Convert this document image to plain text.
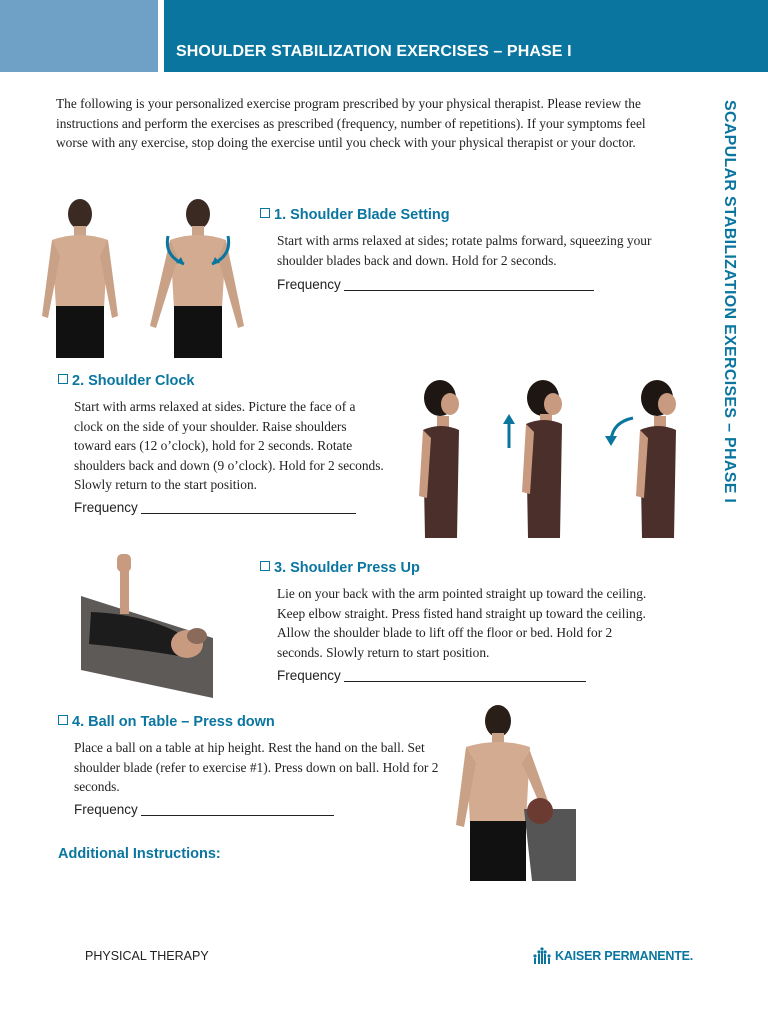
SHOULDER STABILIZATION EXERCISES – PHASE I
SCAPULAR STABILIZATION EXERCISES – PHASE I
The following is your personalized exercise program prescribed by your physical therapist. Please review the instructions and perform the exercises as prescribed (frequency, number of repetitions). If your symptoms feel worse with any exercise, stop doing the exercise until you check with your physical therapist or your doctor.
1. Shoulder Blade Setting
Start with arms relaxed at sides; rotate palms forward, squeezing your shoulder blades back and down. Hold for 2 seconds.
Frequency
2. Shoulder Clock
Start with arms relaxed at sides. Picture the face of a clock on the side of your shoulder. Raise shoulders toward ears (12 o’clock), hold for 2 seconds. Rotate shoulders back and down (9 o’clock). Hold for 2 seconds. Slowly return to the start position.
Frequency
3. Shoulder Press Up
Lie on your back with the arm pointed straight up toward the ceiling. Keep elbow straight. Press fisted hand straight up toward the ceiling. Allow the shoulder blade to lift off the floor or bed. Hold for 2 seconds. Slowly return to start position.
Frequency
4. Ball on Table – Press down
Place a ball on a table at hip height. Rest the hand on the ball. Set shoulder blade (refer to exercise #1). Press down on ball. Hold for 2 seconds.
Frequency
Additional Instructions:
PHYSICAL THERAPY	KAISER PERMANENTE.
